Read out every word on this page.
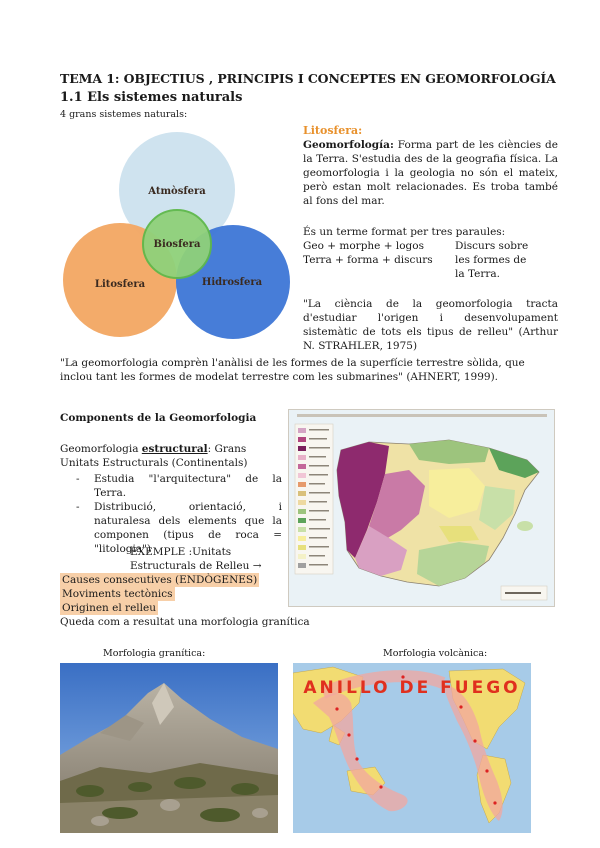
TEMA 1: OBJECTIUS , PRINCIPIS I CONCEPTES EN GEOMORFOLOGÍA
1.1 Els sistemes naturals
4 grans sistemes naturals:
Atmòsfera
Biosfera
Litosfera	Hidrosfera
Litosfera:
Geomorfología: Forma part de les ciències de la Terra. S'estudia des de la geografia física. La geomorfologia i la geologia no són el mateix, però estan molt relacionades. Es troba també al fons del mar.
És un terme format per tres paraules:
Geo + morphe + logos	Discurs sobre
Terra + forma + discurs	les formes de
la Terra.
"La ciència de la geomorfologia tracta d'estudiar l'origen i desenvolupament sistemàtic de tots els tipus de relleu" (Arthur N. STRAHLER, 1975)
"La geomorfologia comprèn l'anàlisi de les formes de la superfície terrestre sòlida, que inclou tant les formes de modelat terrestre com les submarines" (AHNERT, 1999).
Components de la Geomorfologia
Geomorfologia estructural: Grans Unitats Estructurals (Continentals)
- Estudia "l'arquitectura" de la Terra.
- Distribució, orientació, i naturalesa dels elements que la componen (tipus de roca = "litologia")
EXEMPLE :Unitats
Estructurals de Relleu →
Causes consecutives (ENDÒGENES)
Moviments tectònics
Originen el relleu
Queda com a resultat una morfologia granítica
Morfologia granítica:	Morfologia volcànica:
ANILLO DE FUEGO
